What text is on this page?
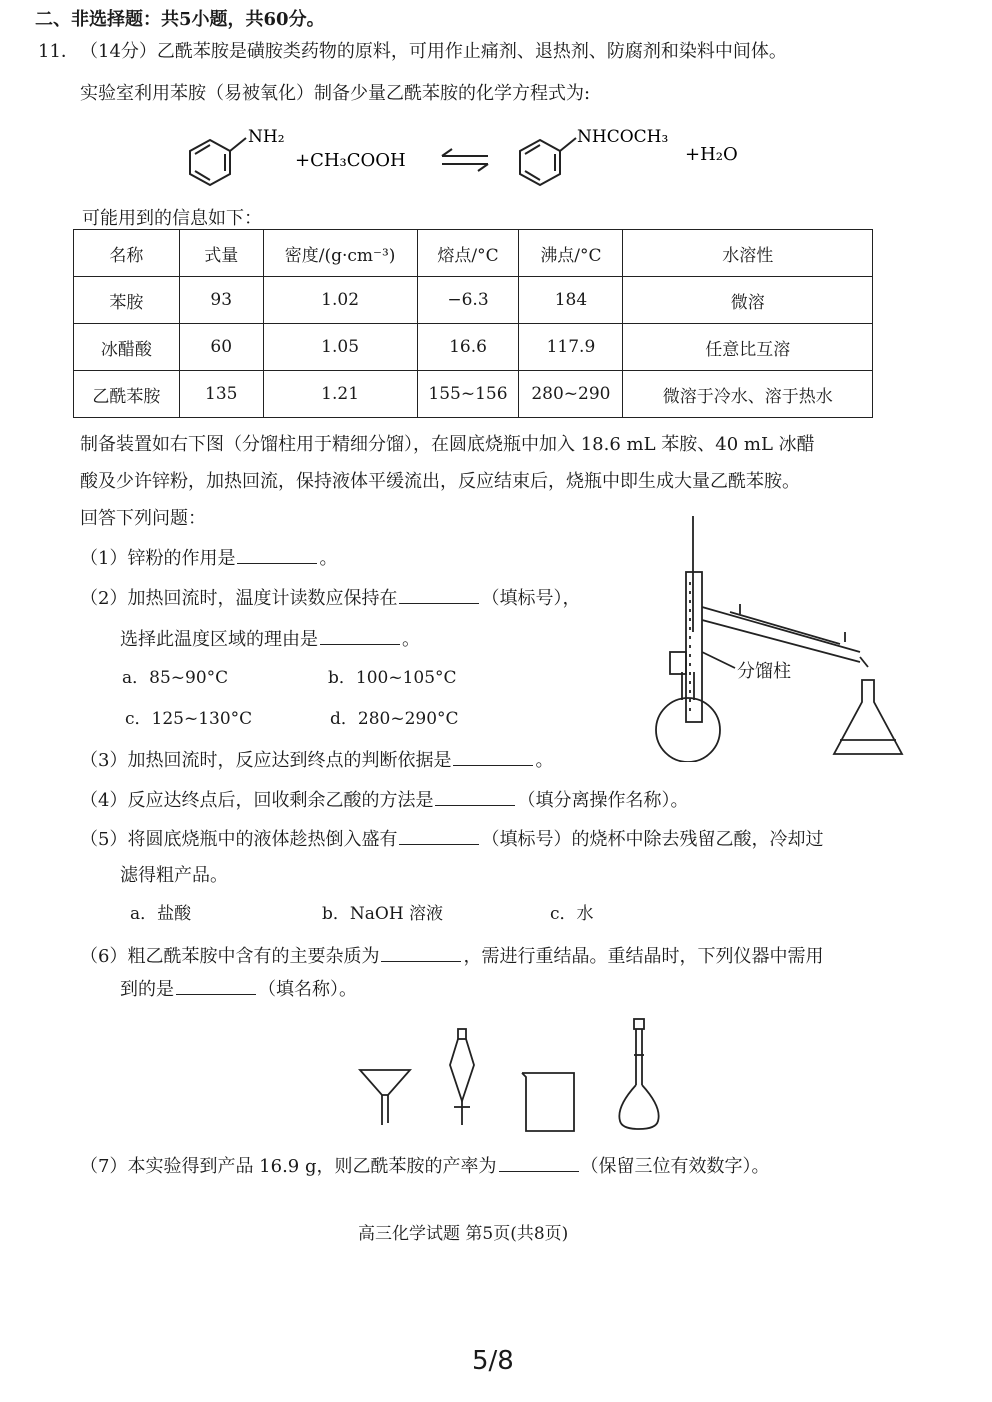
二、非选择题：共5小题，共60分。
11． （14分）乙酰苯胺是磺胺类药物的原料，可用作止痛剂、退热剂、防腐剂和染料中间体。
实验室利用苯胺（易被氧化）制备少量乙酰苯胺的化学方程式为:
NH₂
+CH₃COOH
NHCOCH₃
+H₂O
可能用到的信息如下：
名称	式量	密度/(g·cm⁻³)	熔点/°C	沸点/°C	水溶性
苯胺	93	1.02	−6.3	184	微溶
冰醋酸	60	1.05	16.6	117.9	任意比互溶
乙酰苯胺	135	1.21	155~156	280~290	微溶于冷水、溶于热水
制备装置如右下图（分馏柱用于精细分馏），在圆底烧瓶中加入 18.6 mL 苯胺、40 mL 冰醋
酸及少许锌粉，加热回流，保持液体平缓流出，反应结束后，烧瓶中即生成大量乙酰苯胺。
回答下列问题：
（1）锌粉的作用是	。
（2）加热回流时，温度计读数应保持在	（填标号），
选择此温度区域的理由是	。
a．85~90°C	b．100~105°C
c．125~130°C	d．280~290°C
分馏柱
（3）加热回流时，反应达到终点的判断依据是	。
（4）反应达终点后，回收剩余乙酸的方法是	（填分离操作名称）。
（5）将圆底烧瓶中的液体趁热倒入盛有	（填标号）的烧杯中除去残留乙酸，冷却过
滤得粗产品。
a．盐酸	b．NaOH 溶液	c．水
（6）粗乙酰苯胺中含有的主要杂质为	，需进行重结晶。重结晶时，下列仪器中需用
到的是	（填名称）。
（7）本实验得到产品 16.9 g，则乙酰苯胺的产率为	（保留三位有效数字）。
高三化学试题 第5页(共8页)
5/8
